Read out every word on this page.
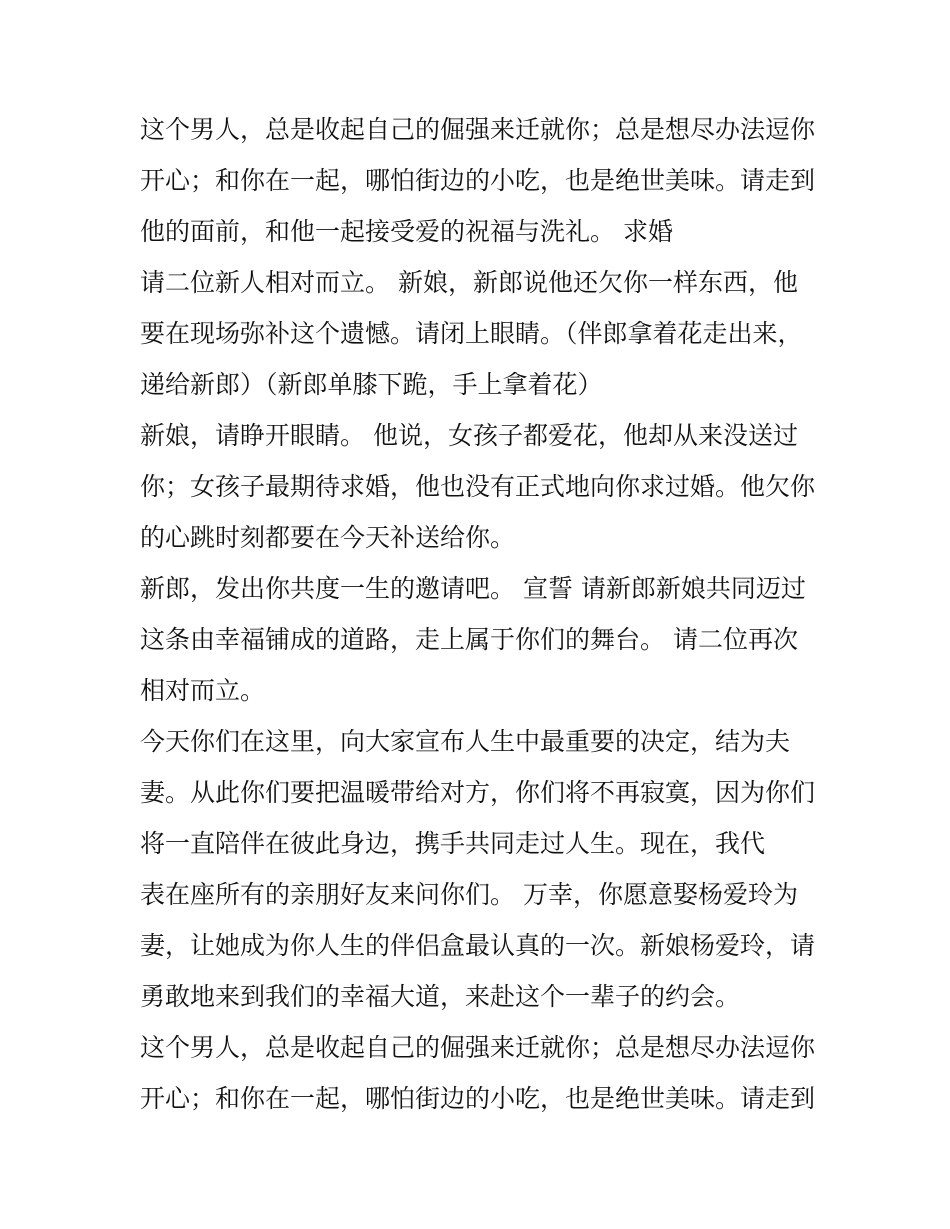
这个男人，总是收起自己的倔强来迁就你；总是想尽办法逗你
开心；和你在一起，哪怕街边的小吃，也是绝世美味。请走到
他的面前，和他一起接受爱的祝福与洗礼。 求婚
请二位新人相对而立。 新娘，新郎说他还欠你一样东西，他
要在现场弥补这个遗憾。请闭上眼睛。（伴郎拿着花走出来，
递给新郎）（新郎单膝下跪，手上拿着花）
新娘，请睁开眼睛。 他说，女孩子都爱花，他却从来没送过
你；女孩子最期待求婚，他也没有正式地向你求过婚。他欠你
的心跳时刻都要在今天补送给你。
新郎，发出你共度一生的邀请吧。 宣誓 请新郎新娘共同迈过
这条由幸福铺成的道路，走上属于你们的舞台。 请二位再次
相对而立。
今天你们在这里，向大家宣布人生中最重要的决定，结为夫
妻。从此你们要把温暖带给对方，你们将不再寂寞，因为你们
将一直陪伴在彼此身边，携手共同走过人生。现在，我代
表在座所有的亲朋好友来问你们。 万幸，你愿意娶杨爱玲为
妻，让她成为你人生的伴侣盒最认真的一次。新娘杨爱玲，请
勇敢地来到我们的幸福大道，来赴这个一辈子的约会。
这个男人，总是收起自己的倔强来迁就你；总是想尽办法逗你
开心；和你在一起，哪怕街边的小吃，也是绝世美味。请走到
